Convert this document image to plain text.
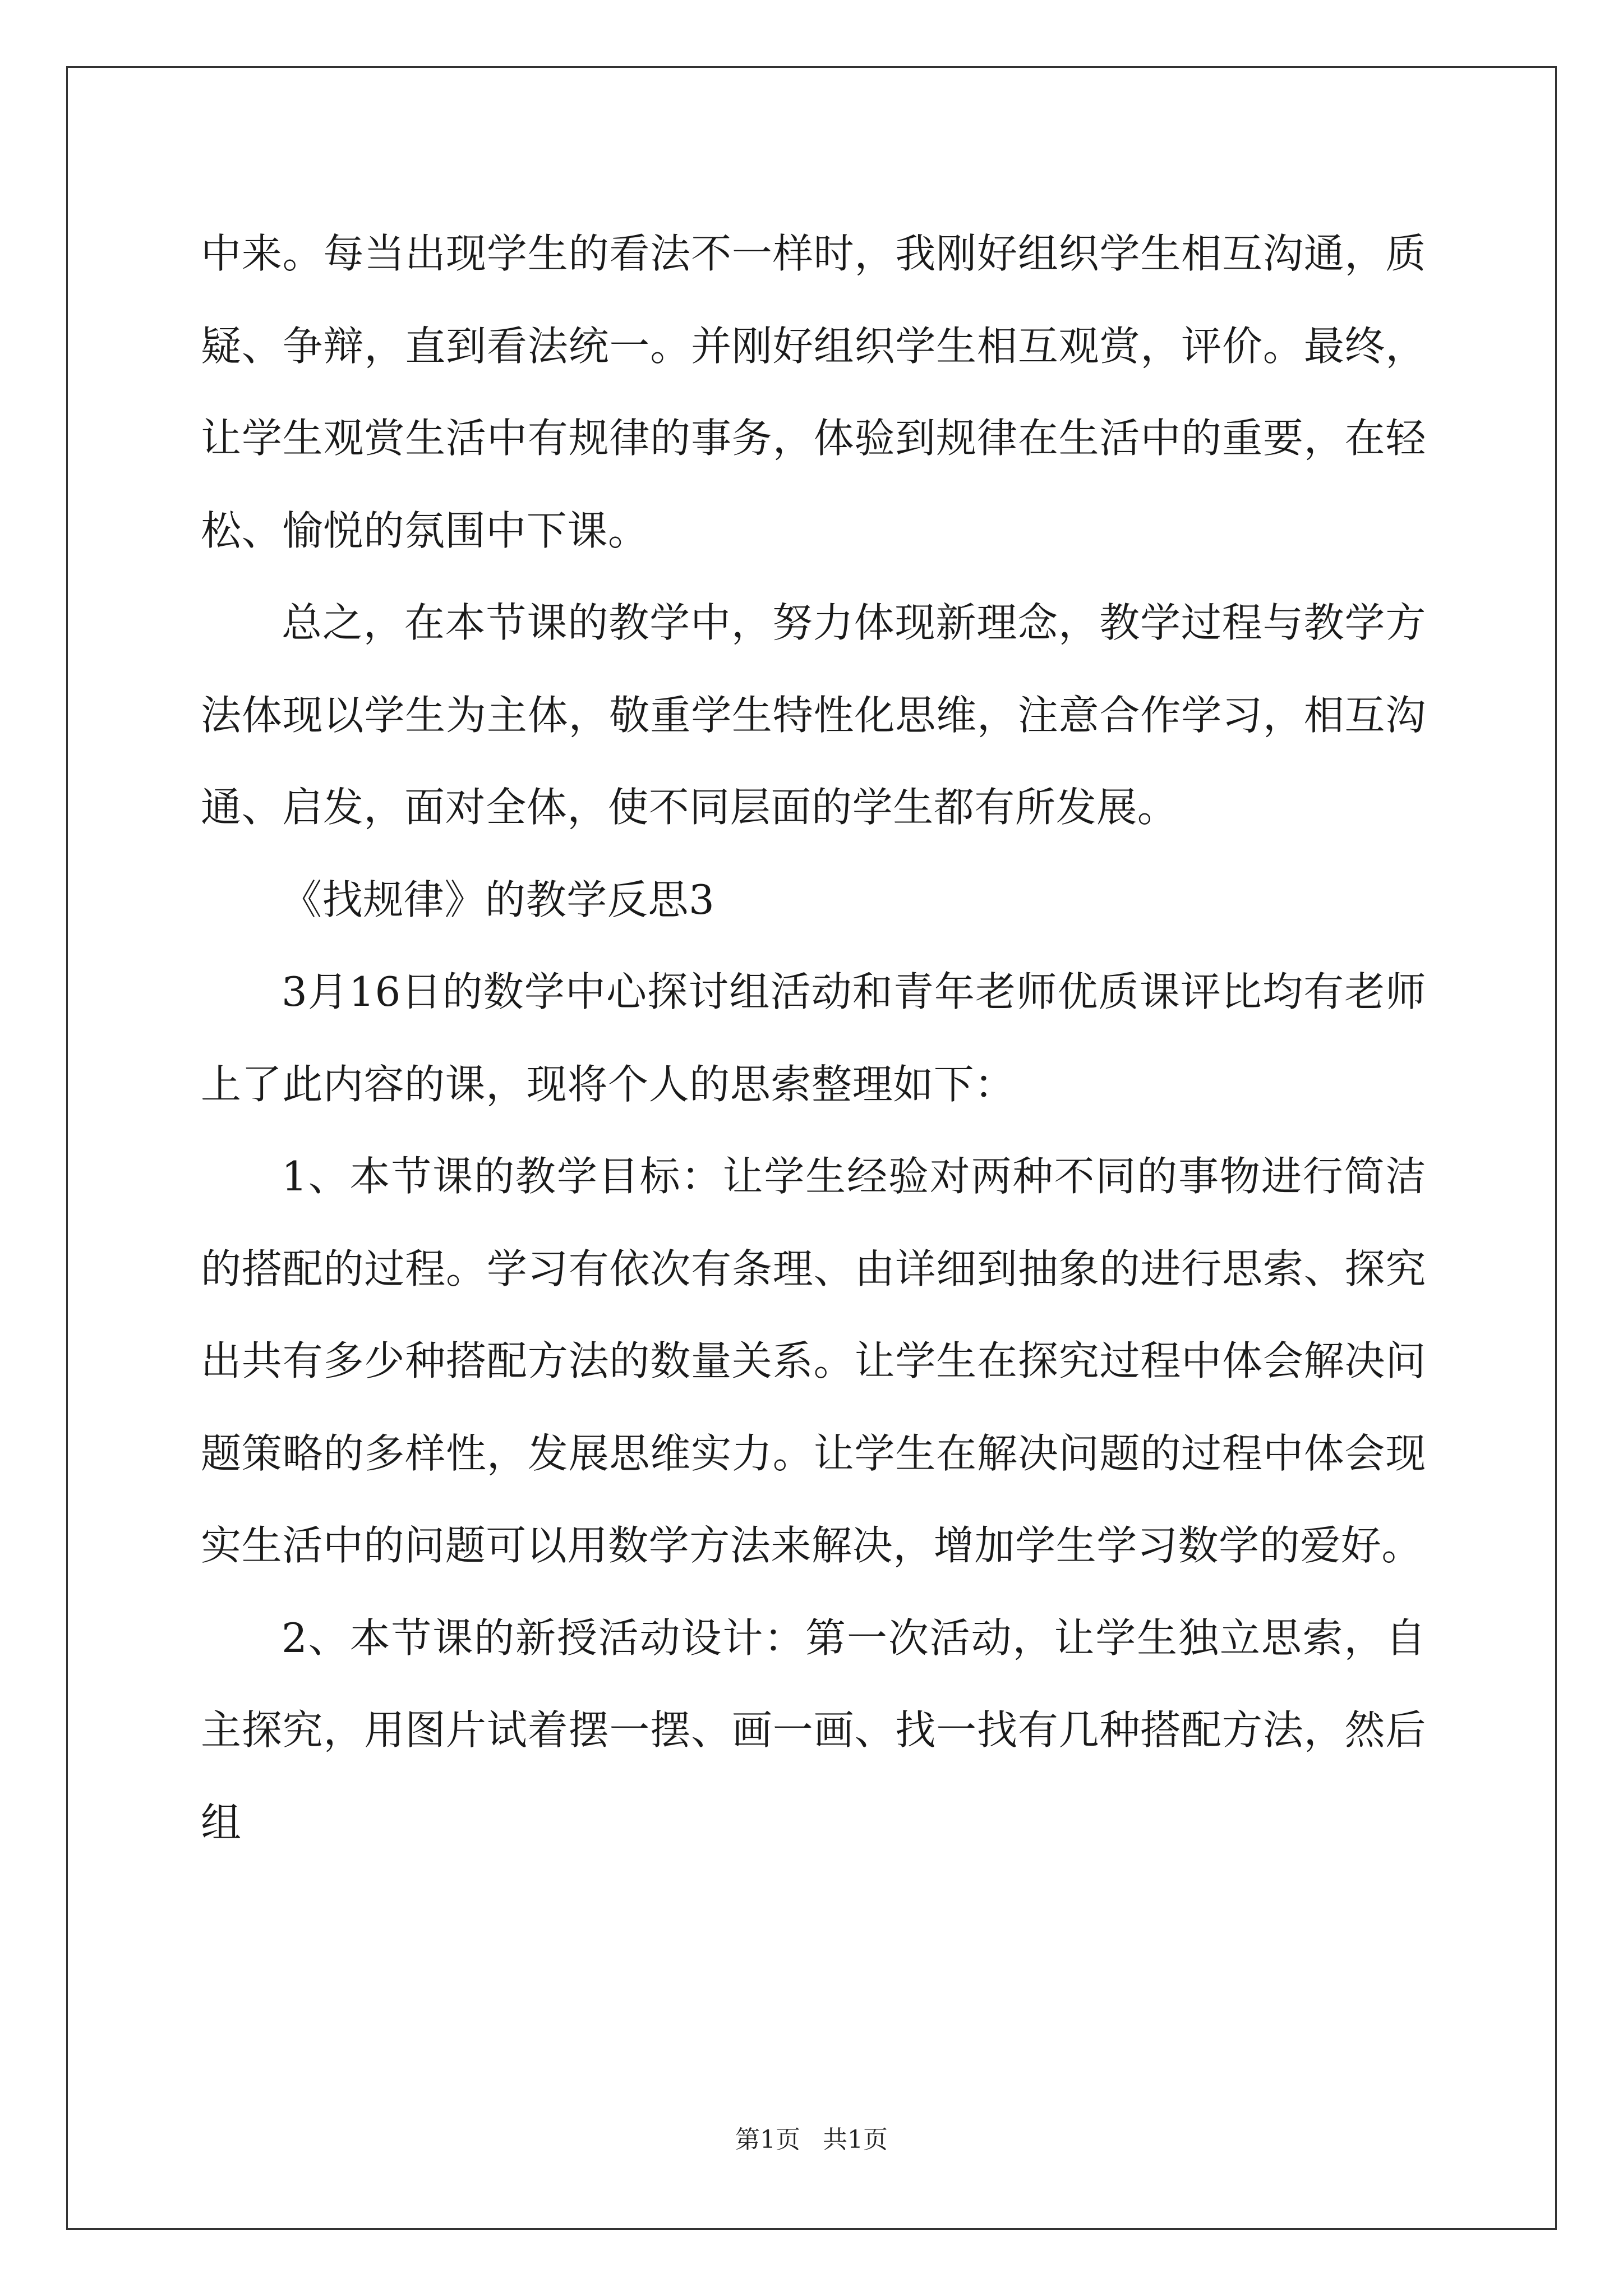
中来。每当出现学生的看法不一样时，我刚好组织学生相互沟通，质疑、争辩，直到看法统一。并刚好组织学生相互观赏，评价。最终，让学生观赏生活中有规律的事务，体验到规律在生活中的重要，在轻松、愉悦的氛围中下课。

总之，在本节课的教学中，努力体现新理念，教学过程与教学方法体现以学生为主体，敬重学生特性化思维，注意合作学习，相互沟通、启发，面对全体，使不同层面的学生都有所发展。

《找规律》的教学反思3

3月16日的数学中心探讨组活动和青年老师优质课评比均有老师上了此内容的课，现将个人的思索整理如下：

1、本节课的教学目标：让学生经验对两种不同的事物进行简洁的搭配的过程。学习有依次有条理、由详细到抽象的进行思索、探究出共有多少种搭配方法的数量关系。让学生在探究过程中体会解决问题策略的多样性，发展思维实力。让学生在解决问题的过程中体会现实生活中的问题可以用数学方法来解决，增加学生学习数学的爱好。

2、本节课的新授活动设计：第一次活动，让学生独立思索，自主探究，用图片试着摆一摆、画一画、找一找有几种搭配方法，然后组

第1页 共1页
